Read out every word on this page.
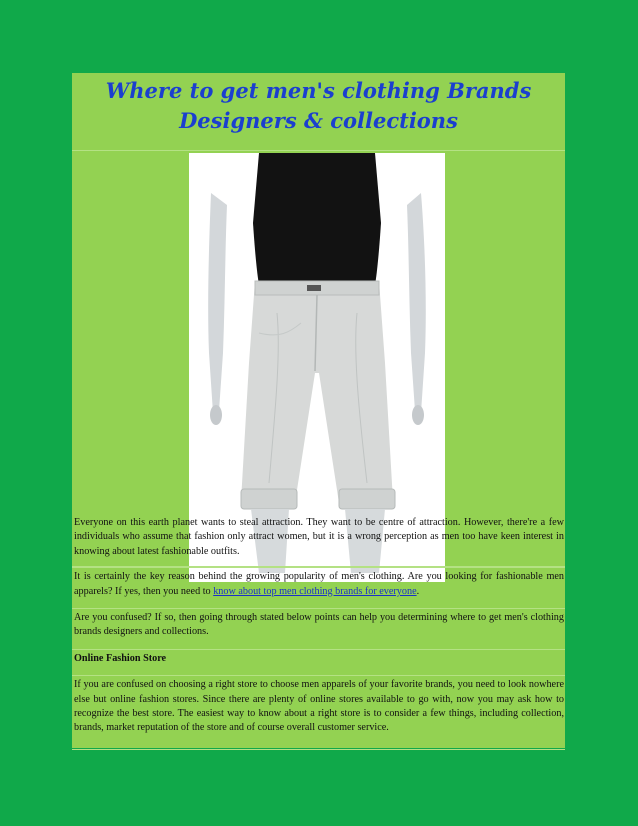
Where to get men's clothing Brands

Designers & collections

Everyone on this earth planet wants to steal attraction. They want to be centre of attraction. However, there're a few individuals who assume that fashion only attract women, but it is a wrong perception as men too have keen interest in knowing about latest fashionable outfits.

It is certainly the key reason behind the growing popularity of men's clothing. Are you looking for fashionable men apparels? If yes, then you need to know about top men clothing brands for everyone.

Are you confused? If so, then going through stated below points can help you determining where to get men's clothing brands designers and collections.

Online Fashion Store

If you are confused on choosing a right store to choose men apparels of your favorite brands, you need to look nowhere else but online fashion stores. Since there are plenty of online stores available to go with, now you may ask how to recognize the best store. The easiest way to know about a right store is to consider a few things, including collection, brands, market reputation of the store and of course overall customer service.
